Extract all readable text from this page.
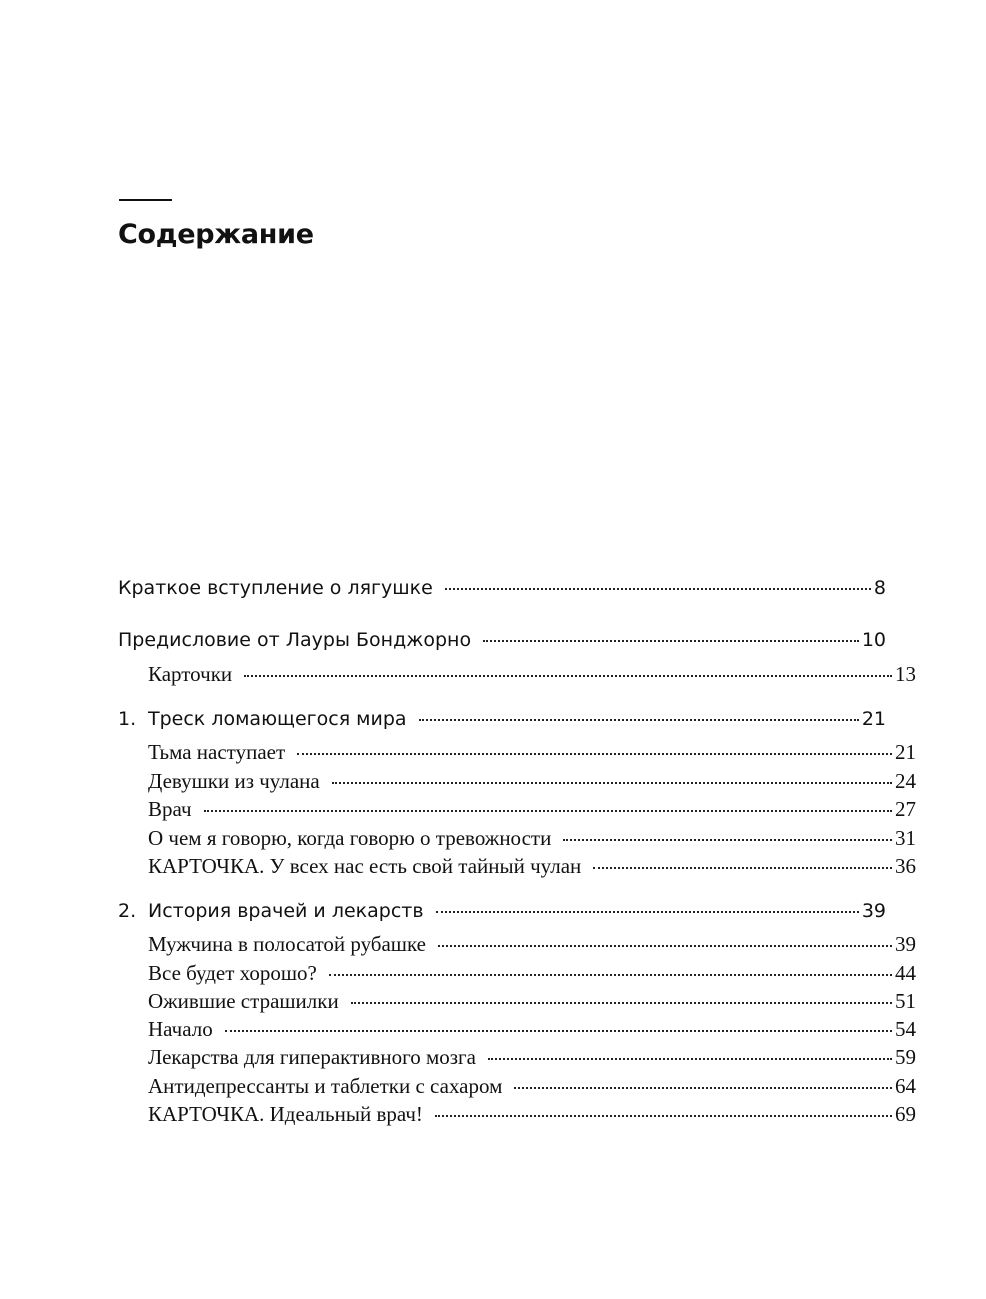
Содержание
Краткое вступление о лягушке	8
Предисловие от Лауры Бонджорно	10
Карточки	13
1. Треск ломающегося мира	21
Тьма наступает	21
Девушки из чулана	24
Врач	27
О чем я говорю, когда говорю о тревожности	31
КАРТОЧКА. У всех нас есть свой тайный чулан	36
2. История врачей и лекарств	39
Мужчина в полосатой рубашке	39
Все будет хорошо?	44
Ожившие страшилки	51
Начало	54
Лекарства для гиперактивного мозга	59
Антидепрессанты и таблетки с сахаром	64
КАРТОЧКА. Идеальный врач!	69
